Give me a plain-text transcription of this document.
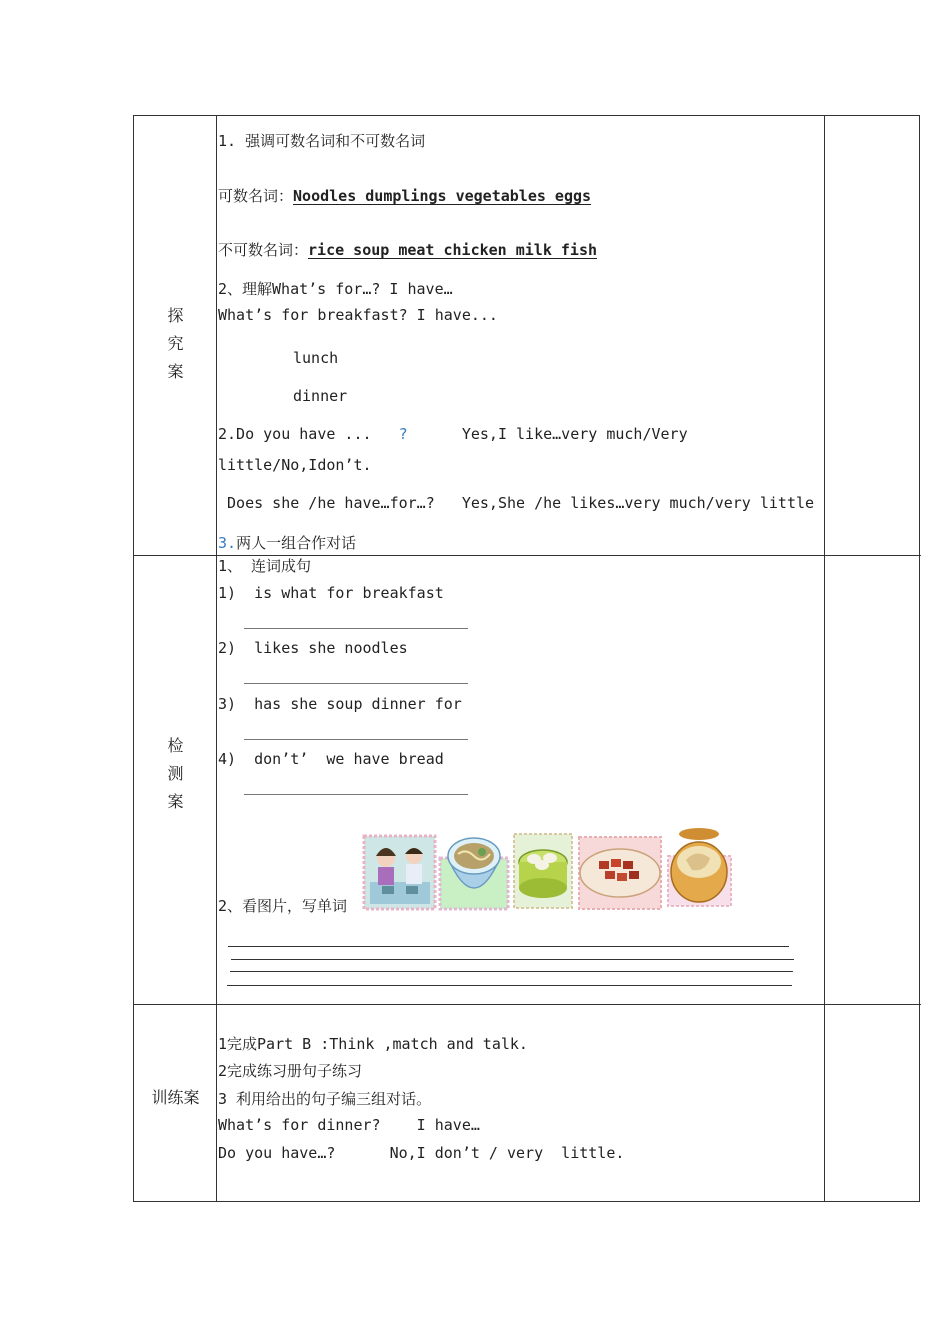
探
究
案
检
测
案
训练案
1. 强调可数名词和不可数名词
可数名词：Noodles dumplings vegetables eggs
不可数名词：rice soup meat chicken milk fish
2、理解What’s for…? I have…
What’s for breakfast? I have...
lunch
dinner
2.Do you have ...   ?      Yes,I like…very much/Very
little/No,Idon’t.
Does she /he have…for…?   Yes,She /he likes…very much/very little
3.两人一组合作对话
1、 连词成句
1)  is what for breakfast
2)  likes she noodles
3)  has she soup dinner for
4)  don’t’  we have bread
2、看图片，写单词
1完成Part B :Think ,match and talk.
2完成练习册句子练习
3 利用给出的句子编三组对话。
What’s for dinner?    I have…
Do you have…?      No,I don’t / very  little.
